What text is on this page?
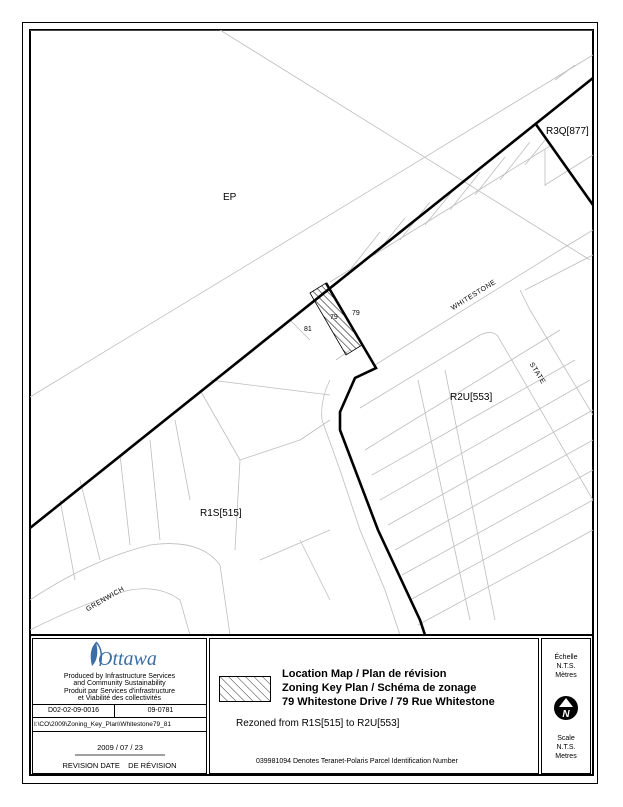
EP
R3Q[877]
R2U[553]
R1S[515]
81
79
79
WHITESTONE
STATE
GRENWICH
Ottawa
Produced by Infrastructure Services
and Community Sustainability
Produit par Services d'infrastructure
et Viabilité des collectivités
D02-02-09-0016	09-0781
I:\CO\2009\Zoning_Key_Plan\Whitestone79_81
2009 / 07 / 23
REVISION DATE    DE RÉVISION
Location Map / Plan de révision
Zoning Key Plan / Schéma de zonage
79 Whitestone Drive / 79 Rue Whitestone
Rezoned from R1S[515] to R2U[553]
039981094 Denotes Teranet-Polaris Parcel Identification Number
Échelle
N.T.S.
Mètres
N
Scale
N.T.S.
Metres
